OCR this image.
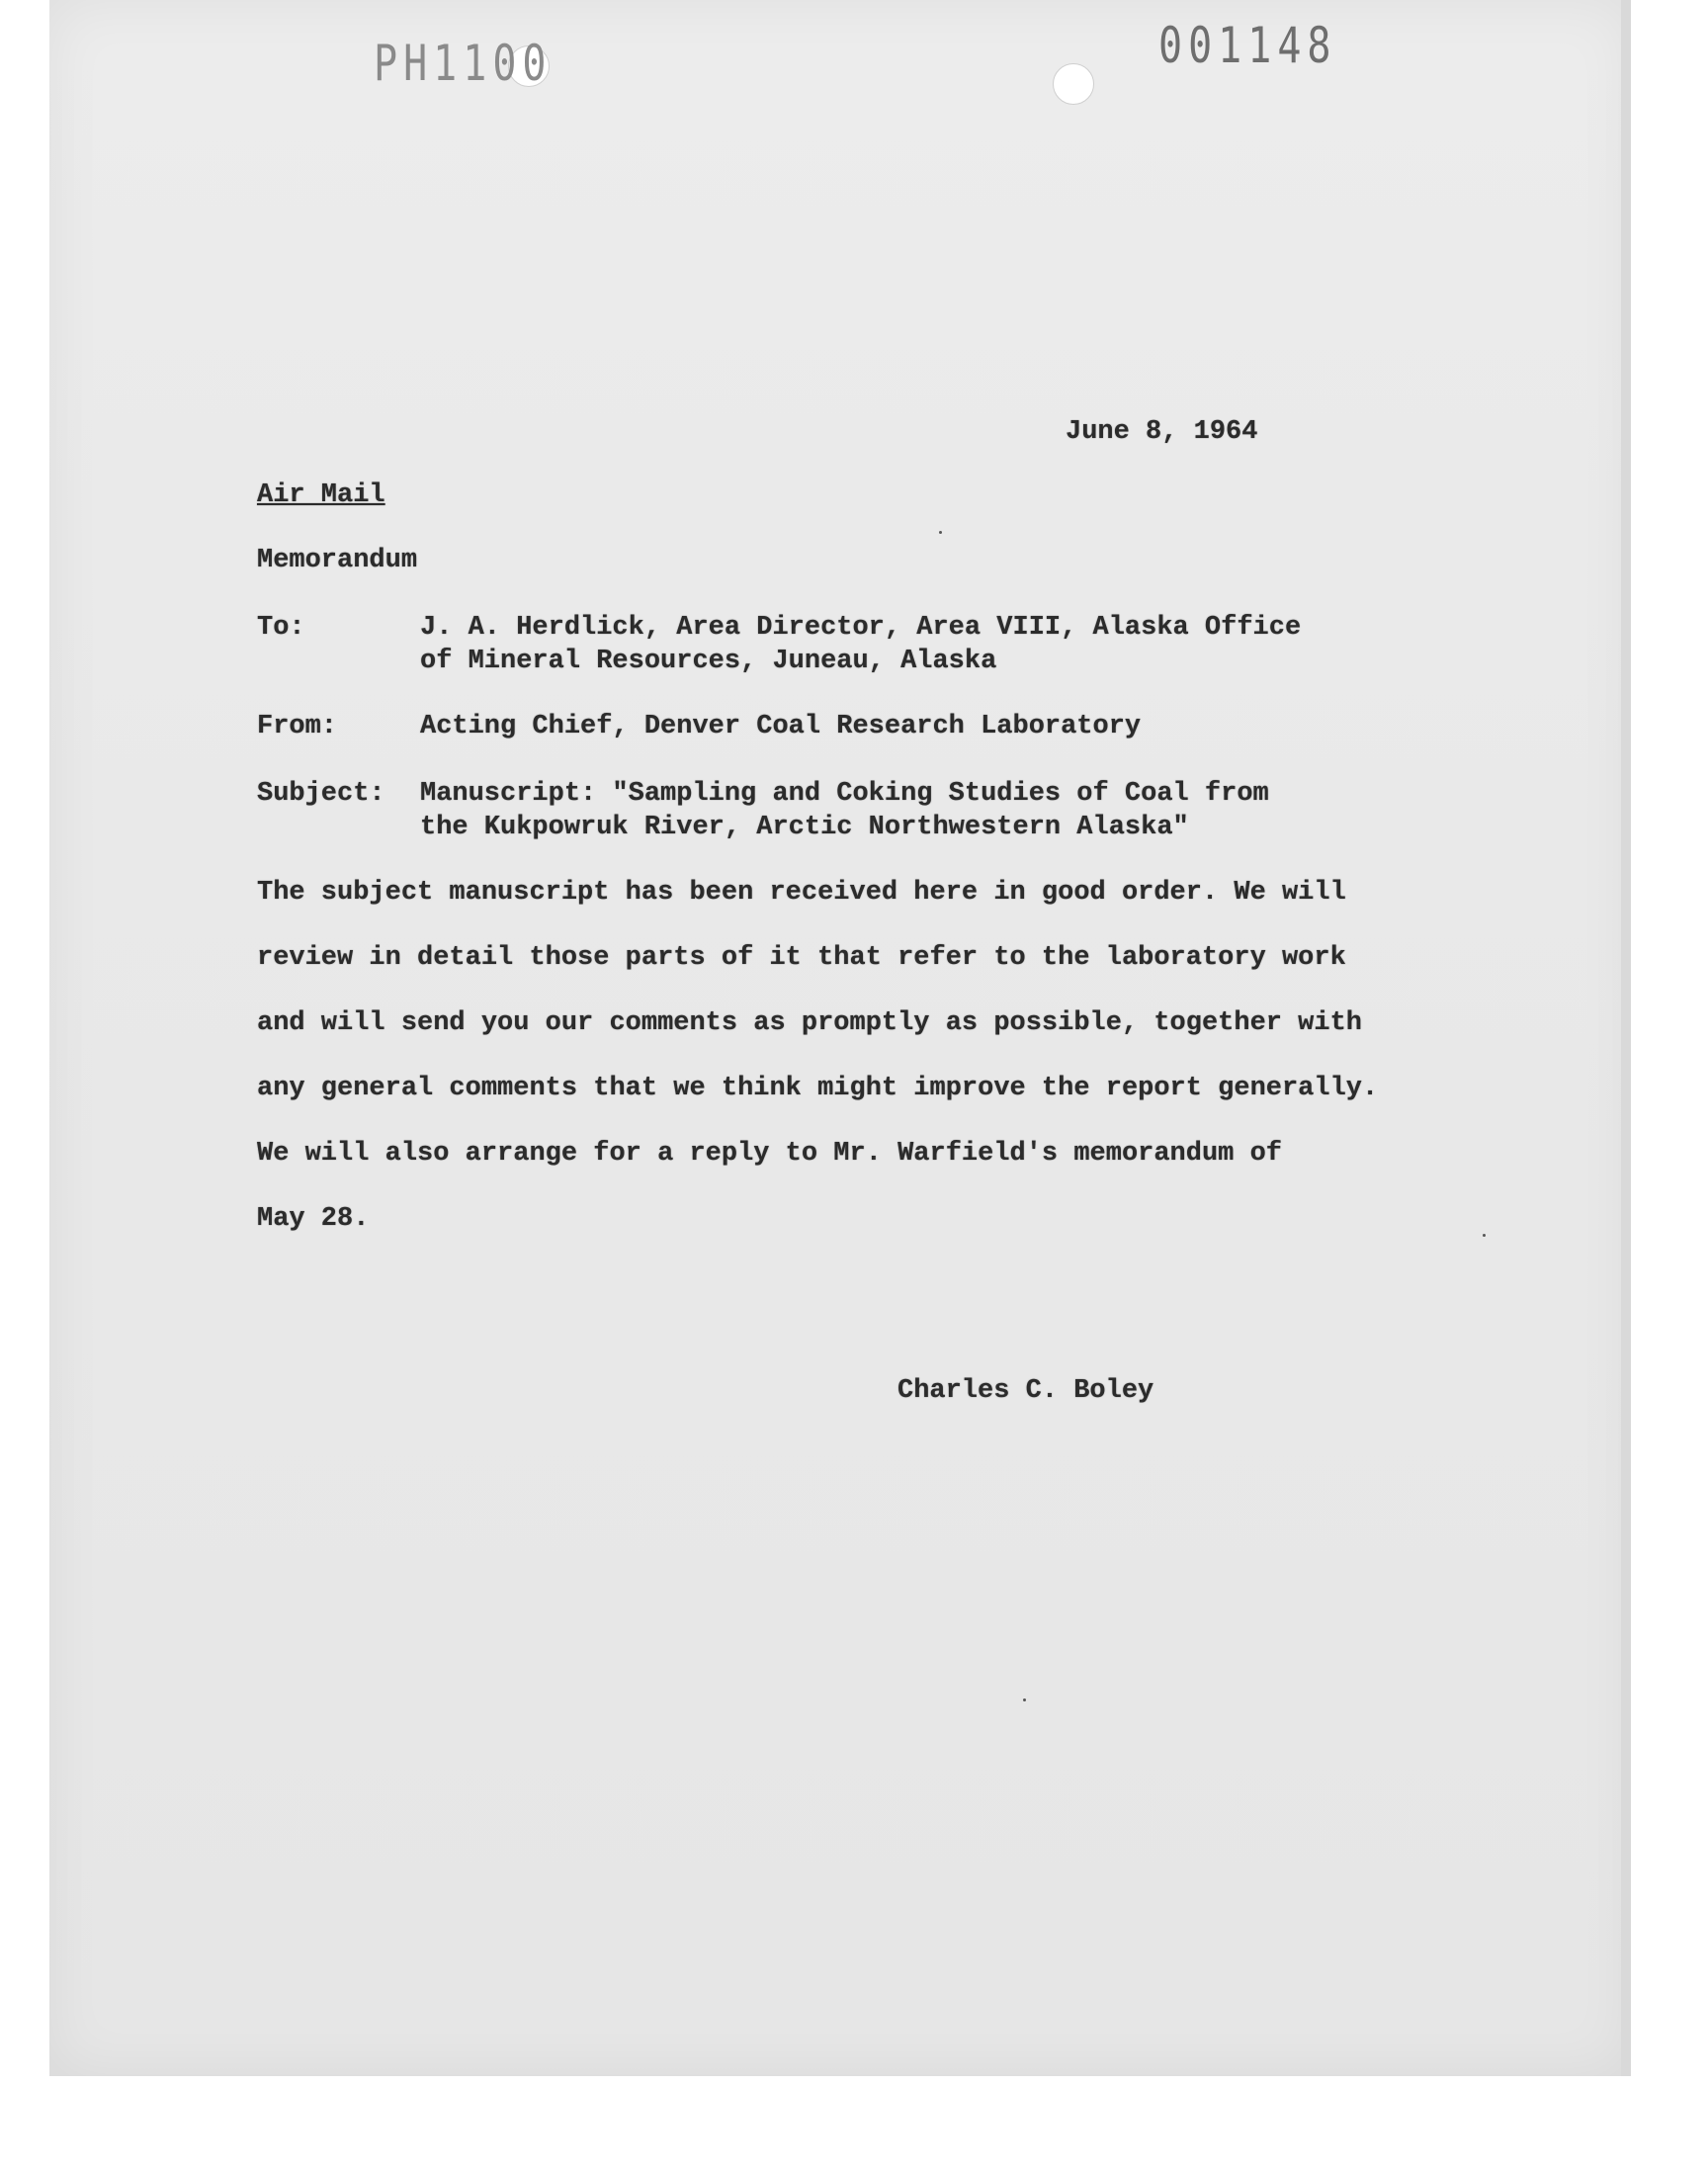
PH1100	001148
June 8, 1964
Air Mail
Memorandum
To:	J. A. Herdlick, Area Director, Area VIII, Alaska Office
of Mineral Resources, Juneau, Alaska
From:	Acting Chief, Denver Coal Research Laboratory
Subject: Manuscript: "Sampling and Coking Studies of Coal from
the Kukpowruk River, Arctic Northwestern Alaska"
The subject manuscript has been received here in good order. We will
review in detail those parts of it that refer to the laboratory work
and will send you our comments as promptly as possible, together with
any general comments that we think might improve the report generally.
We will also arrange for a reply to Mr. Warfield's memorandum of
May 28.
Charles C. Boley
